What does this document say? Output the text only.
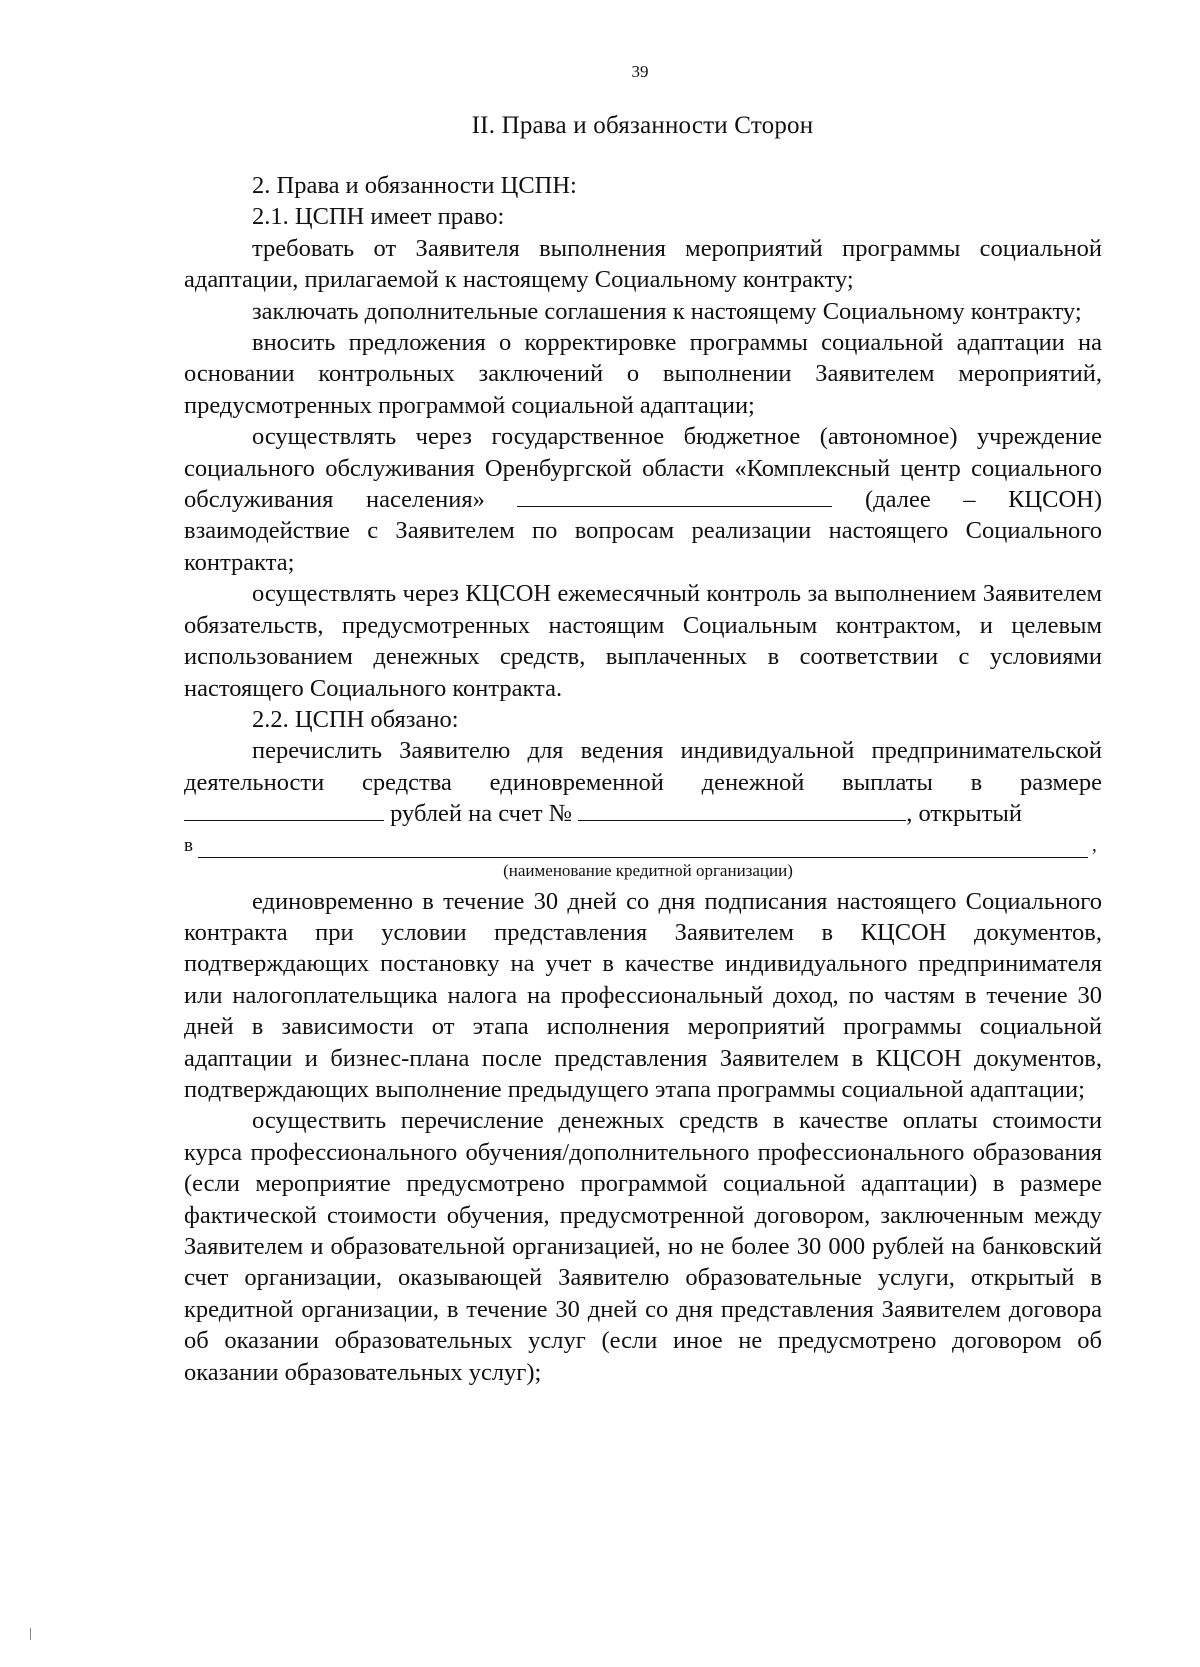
39
II. Права и обязанности Сторон

2. Права и обязанности ЦСПН:

2.1. ЦСПН имеет право:

требовать от Заявителя выполнения мероприятий программы социальной адаптации, прилагаемой к настоящему Социальному контракту;

заключать дополнительные соглашения к настоящему Социальному контракту;

вносить предложения о корректировке программы социальной адаптации на основании контрольных заключений о выполнении Заявителем мероприятий, предусмотренных программой социальной адаптации;

осуществлять через государственное бюджетное (автономное) учреждение социального обслуживания Оренбургской области «Комплексный центр социального обслуживания населения»	(далее – КЦСОН) взаимодействие с Заявителем по вопросам реализации настоящего Социального контракта;

осуществлять через КЦСОН ежемесячный контроль за выполнением Заявителем обязательств, предусмотренных настоящим Социальным контрактом, и целевым использованием денежных средств, выплаченных в соответствии с условиями настоящего Социального контракта.

2.2. ЦСПН обязано:

перечислить Заявителю для ведения индивидуальной предпринимательской деятельности средства единовременной денежной выплаты в размере  рублей на счет №	, открытый

в	,
(наименование кредитной организации)

единовременно в течение 30 дней со дня подписания настоящего Социального контракта при условии представления Заявителем в КЦСОН документов, подтверждающих постановку на учет в качестве индивидуального предпринимателя или налогоплательщика налога на профессиональный доход, по частям в течение 30 дней в зависимости от этапа исполнения мероприятий программы социальной адаптации и бизнес-плана после представления Заявителем в КЦСОН документов, подтверждающих выполнение предыдущего этапа программы социальной адаптации;

осуществить перечисление денежных средств в качестве оплаты стоимости курса профессионального обучения/дополнительного профессионального образования (если мероприятие предусмотрено программой социальной адаптации) в размере фактической стоимости обучения, предусмотренной договором, заключенным между Заявителем и образовательной организацией, но не более 30 000 рублей на банковский счет организации, оказывающей Заявителю образовательные услуги, открытый в кредитной организации, в течение 30 дней со дня представления Заявителем договора об оказании образовательных услуг (если иное не предусмотрено договором об оказании образовательных услуг);
